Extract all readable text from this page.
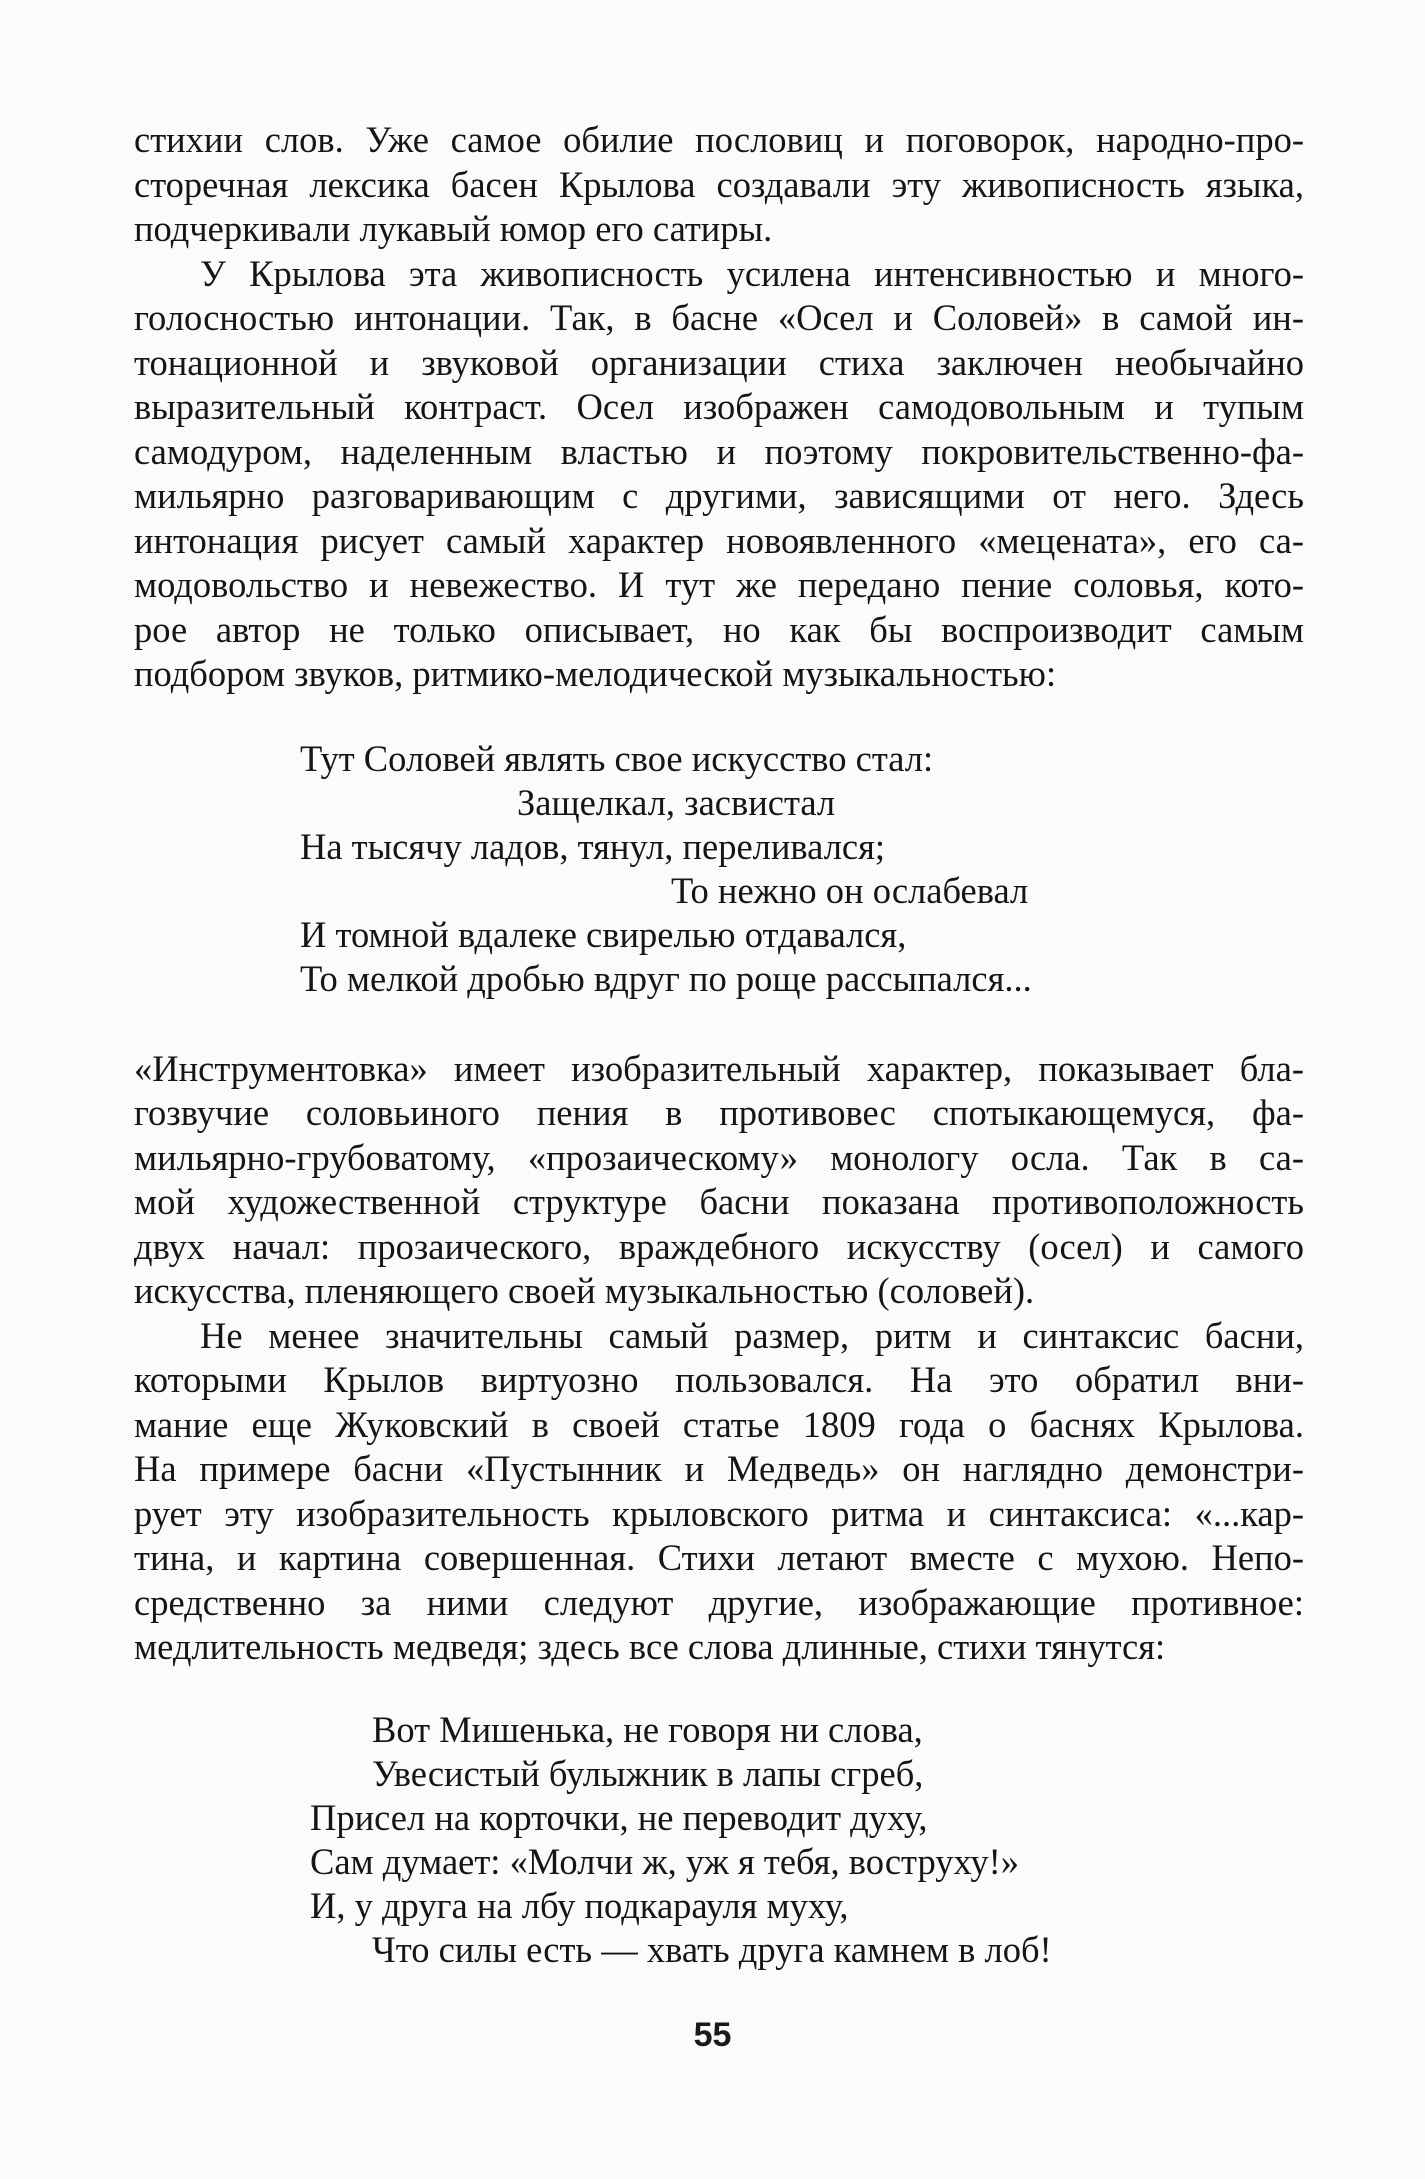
стихии слов. Уже самое обилие пословиц и поговорок, народно-про-
сторечная лексика басен Крылова создавали эту живописность языка,
подчеркивали лукавый юмор его сатиры.
У Крылова эта живописность усилена интенсивностью и много-
голосностью интонации. Так, в басне «Осел и Соловей» в самой ин-
тонационной и звуковой организации стиха заключен необычайно
выразительный контраст. Осел изображен самодовольным и тупым
самодуром, наделенным властью и поэтому покровительственно-фа-
мильярно разговаривающим с другими, зависящими от него. Здесь
интонация рисует самый характер новоявленного «мецената», его са-
модовольство и невежество. И тут же передано пение соловья, кото-
рое автор не только описывает, но как бы воспроизводит самым
подбором звуков, ритмико-мелодической музыкальностью:
Тут Соловей являть свое искусство стал:
Защелкал, засвистал
На тысячу ладов, тянул, переливался;
То нежно он ослабевал
И томной вдалеке свирелью отдавался,
То мелкой дробью вдруг по роще рассыпался...
«Инструментовка» имеет изобразительный характер, показывает бла-
гозвучие соловьиного пения в противовес спотыкающемуся, фа-
мильярно-грубоватому, «прозаическому» монологу осла. Так в са-
мой художественной структуре басни показана противоположность
двух начал: прозаического, враждебного искусству (осел) и самого
искусства, пленяющего своей музыкальностью (соловей).
Не менее значительны самый размер, ритм и синтаксис басни,
которыми Крылов виртуозно пользовался. На это обратил вни-
мание еще Жуковский в своей статье 1809 года о баснях Крылова.
На примере басни «Пустынник и Медведь» он наглядно демонстри-
рует эту изобразительность крыловского ритма и синтаксиса: «...кар-
тина, и картина совершенная. Стихи летают вместе с мухою. Непо-
средственно за ними следуют другие, изображающие противное:
медлительность медведя; здесь все слова длинные, стихи тянутся:
Вот Мишенька, не говоря ни слова,
Увесистый булыжник в лапы сгреб,
Присел на корточки, не переводит духу,
Сам думает: «Молчи ж, уж я тебя, воструху!»
И, у друга на лбу подкарауля муху,
Что силы есть — хвать друга камнем в лоб!
55
